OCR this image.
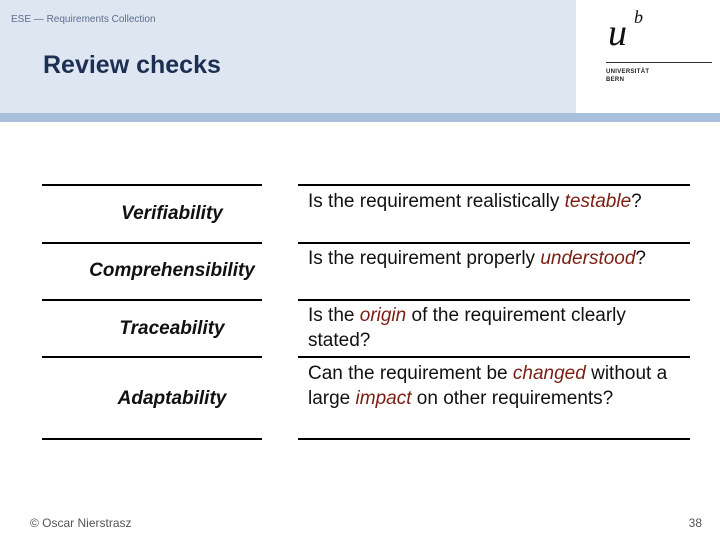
ESE — Requirements Collection
Review checks
u b
UNIVERSITÄT
BERN
Verifiability
Is the requirement realistically testable?
Comprehensibility
Is the requirement properly understood?
Traceability
Is the origin of the requirement clearly stated?
Adaptability
Can the requirement be changed without a large impact on other requirements?
© Oscar Nierstrasz	38
